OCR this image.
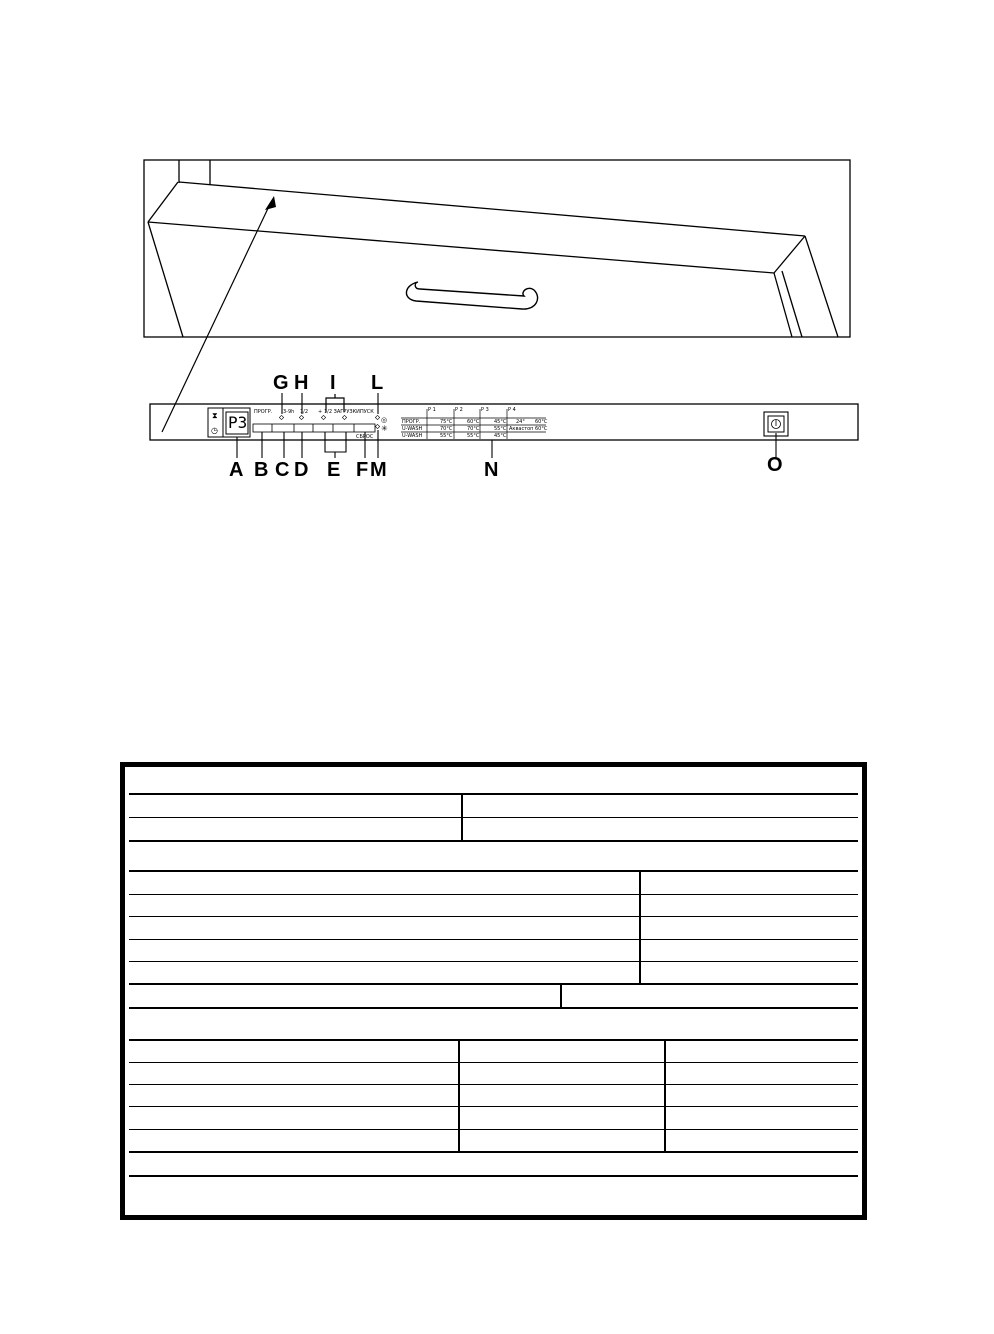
⧗
◷
◎
✳
P3
ПРОГР. 3-9h 1/2 + 1/2 ЗАГРУЗКИ ПУСК
СБРОС
P 1	P 2	P 3	P 4
ПРОГР.	75°C	60°C	45°C 24° 60°C
U-WASH	70°C	70°C	55°C Аквастоп 60°C
U-WASH	55°C	55°C	45°C
G H I L
A B C D E F M	N	O
